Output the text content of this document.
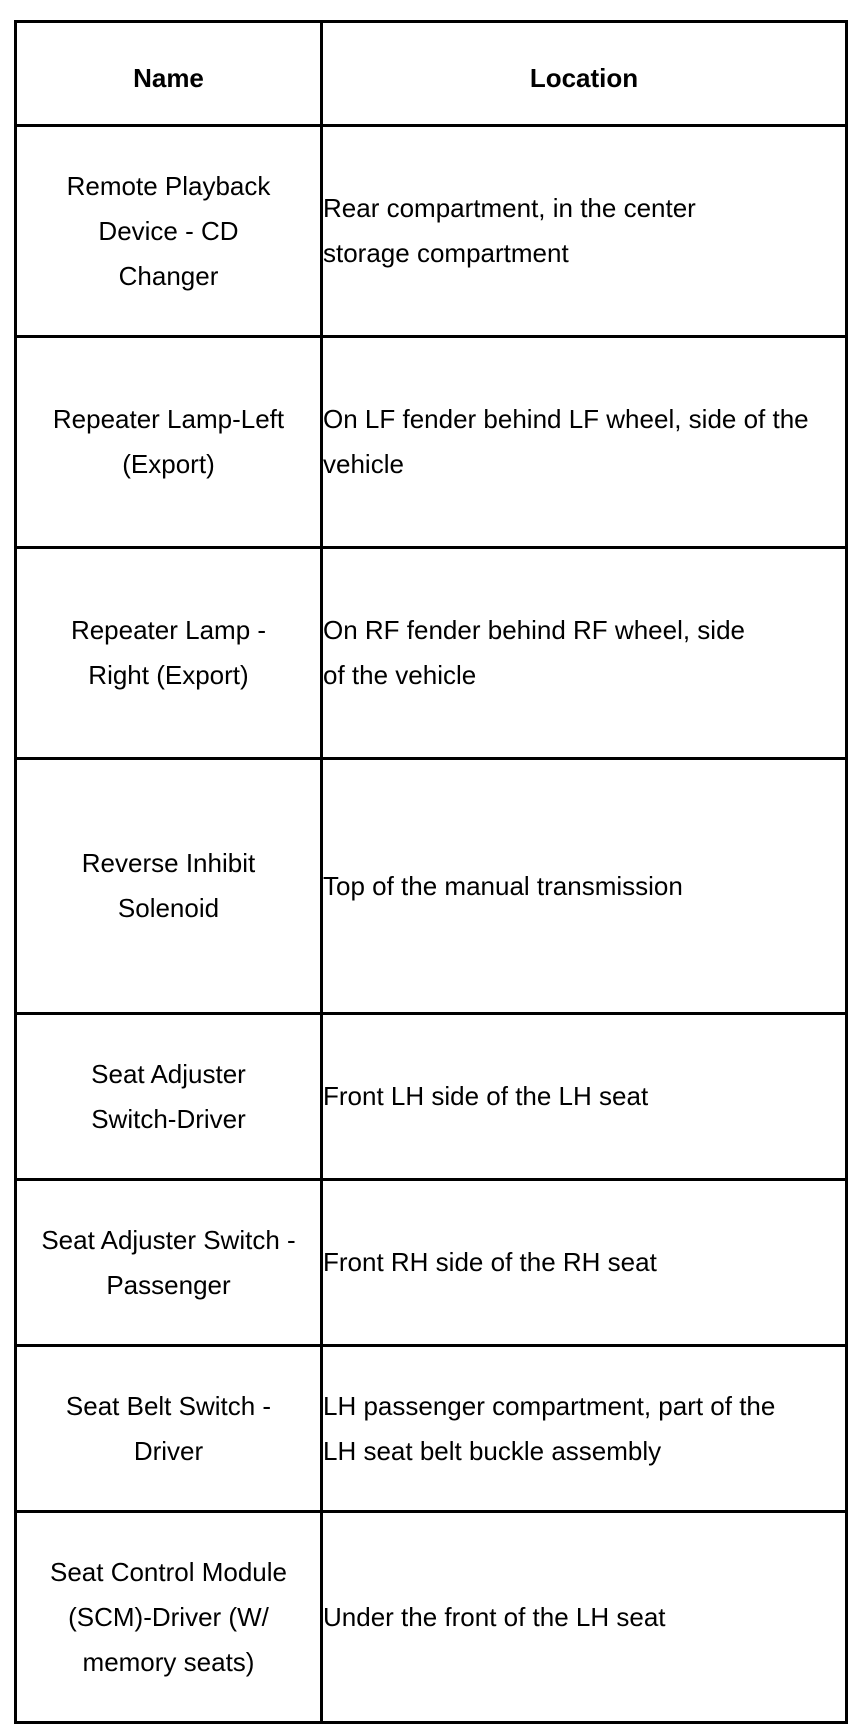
Name	Location
Remote Playback Device - CD Changer	Rear compartment, in the center storage compartment
Repeater Lamp-Left (Export)	On LF fender behind LF wheel, side of the vehicle
Repeater Lamp - Right (Export)	On RF fender behind RF wheel, side of the vehicle
Reverse Inhibit Solenoid	Top of the manual transmission
Seat Adjuster Switch-Driver	Front LH side of the LH seat
Seat Adjuster Switch - Passenger	Front RH side of the RH seat
Seat Belt Switch - Driver	LH passenger compartment, part of the LH seat belt buckle assembly
Seat Control Module (SCM)-Driver (W/ memory seats)	Under the front of the LH seat
